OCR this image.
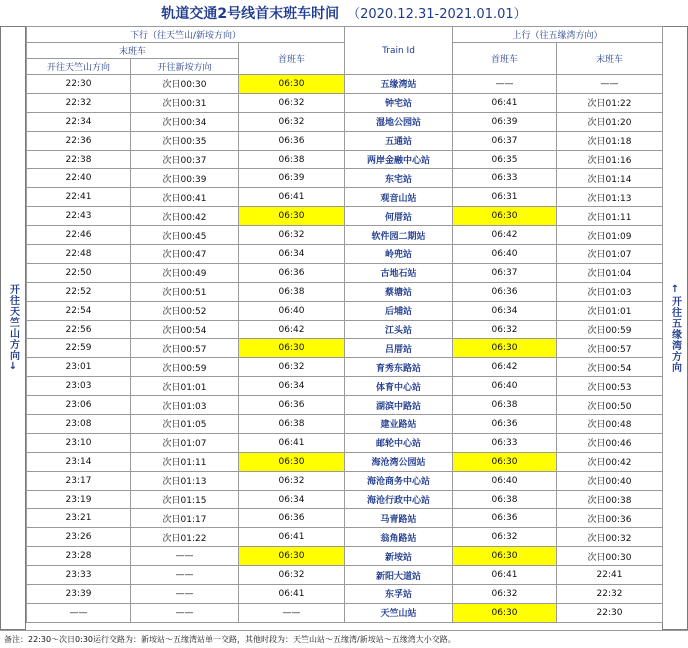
轨道交通2号线首末班车时间 （2020.12.31-2021.01.01）
开往天竺山方向↓	↑开往五缘湾方向
下行（往天竺山/新垵方向）			Train Id	上行（往五缘湾方向）	
末班车		首班车		首班车	末班车
开往天竺山方向	开往新垵方向				
22:30	次日00:30	06:30	五缘湾站	——	——
22:32	次日00:31	06:32	钟宅站	06:41	次日01:22
22:34	次日00:34	06:32	湿地公园站	06:39	次日01:20
22:36	次日00:35	06:36	五通站	06:37	次日01:18
22:38	次日00:37	06:38	两岸金融中心站	06:35	次日01:16
22:40	次日00:39	06:39	东宅站	06:33	次日01:14
22:41	次日00:41	06:41	观音山站	06:31	次日01:13
22:43	次日00:42	06:30	何厝站	06:30	次日01:11
22:46	次日00:45	06:32	软件园二期站	06:42	次日01:09
22:48	次日00:47	06:34	岭兜站	06:40	次日01:07
22:50	次日00:49	06:36	古地石站	06:37	次日01:04
22:52	次日00:51	06:38	蔡塘站	06:36	次日01:03
22:54	次日00:52	06:40	后埔站	06:34	次日01:01
22:56	次日00:54	06:42	江头站	06:32	次日00:59
22:59	次日00:57	06:30	吕厝站	06:30	次日00:57
23:01	次日00:59	06:32	育秀东路站	06:42	次日00:54
23:03	次日01:01	06:34	体育中心站	06:40	次日00:53
23:06	次日01:03	06:36	湖滨中路站	06:38	次日00:50
23:08	次日01:05	06:38	建业路站	06:36	次日00:48
23:10	次日01:07	06:41	邮轮中心站	06:33	次日00:46
23:14	次日01:11	06:30	海沧湾公园站	06:30	次日00:42
23:17	次日01:13	06:32	海沧商务中心站	06:40	次日00:40
23:19	次日01:15	06:34	海沧行政中心站	06:38	次日00:38
23:21	次日01:17	06:36	马青路站	06:36	次日00:36
23:26	次日01:22	06:41	翁角路站	06:32	次日00:32
23:28	——	06:30	新垵站	06:30	次日00:30
23:33	——	06:32	新阳大道站	06:41	22:41
23:39	——	06:41	东孚站	06:32	22:32
——	——	——	天竺山站	06:30	22:30
备注：22:30～次日0:30运行交路为：新垵站～五缘湾站单一交路，其他时段为：天竺山站～五缘湾/新垵站～五缘湾大小交路。
